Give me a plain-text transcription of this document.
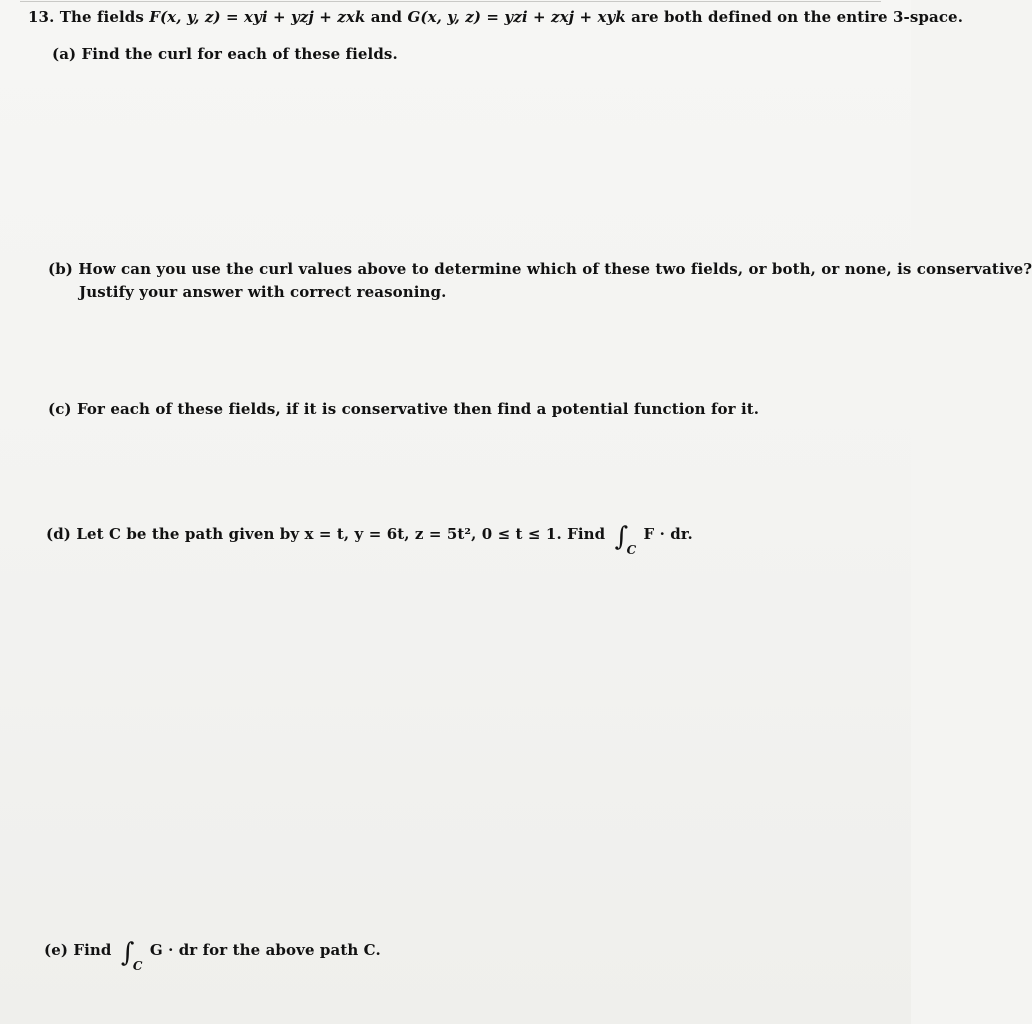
13. The fields F(x, y, z) = xyi + yzj + zxk and G(x, y, z) = yzi + zxj + xyk are both defined on the entire 3-space.
(a) Find the curl for each of these fields.
(b) How can you use the curl values above to determine which of these two fields, or both, or none, is conservative?
Justify your answer with correct reasoning.
(c) For each of these fields, if it is conservative then find a potential function for it.
(d) Let C be the path given by x = t, y = 6t, z = 5t², 0 ≤ t ≤ 1. Find ∫
C
F · dr.
(e) Find ∫
C
G · dr for the above path C.
